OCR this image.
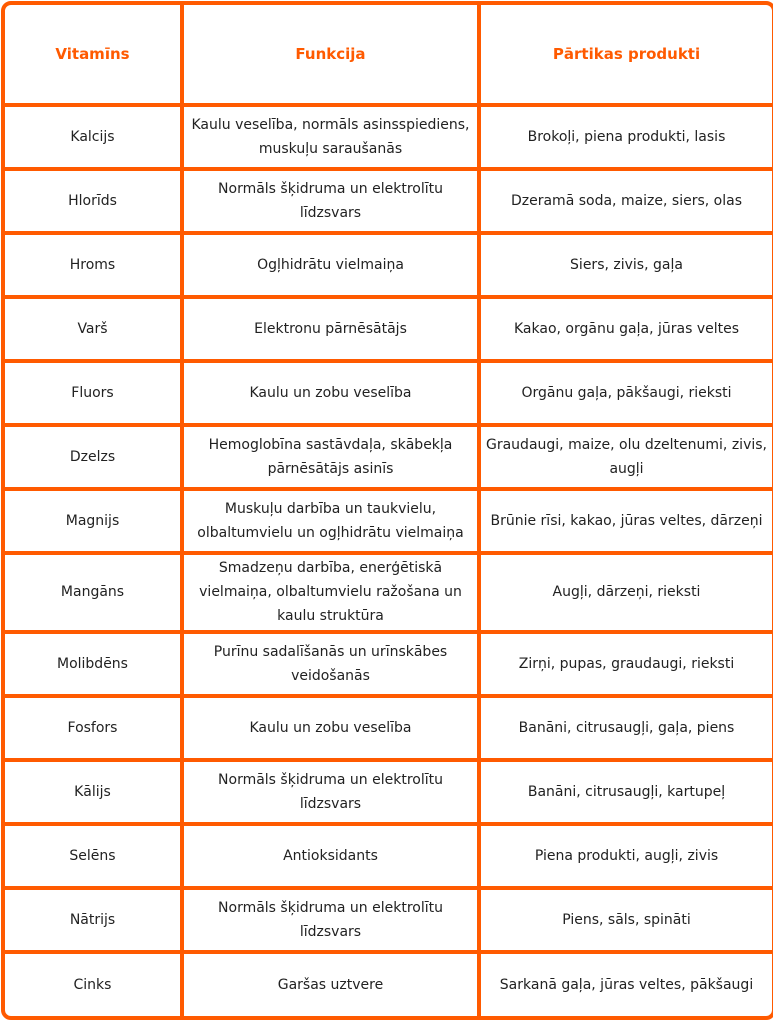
Vitamīns	Funkcija	Pārtikas produkti
Kalcijs	Kaulu veselība, normāls asinsspiediens, muskuļu saraušanās	Brokoļi, piena produkti, lasis
Hlorīds	Normāls šķidruma un elektrolītu līdzsvars	Dzeramā soda, maize, siers, olas
Hroms	Ogļhidrātu vielmaiņa	Siers, zivis, gaļa
Varš	Elektronu pārnēsātājs	Kakao, orgānu gaļa, jūras veltes
Fluors	Kaulu un zobu veselība	Orgānu gaļa, pākšaugi, rieksti
Dzelzs	Hemoglobīna sastāvdaļa, skābekļa pārnēsātājs asinīs	Graudaugi, maize, olu dzeltenumi, zivis, augļi
Magnijs	Muskuļu darbība un taukvielu, olbaltumvielu un ogļhidrātu vielmaiņa	Brūnie rīsi, kakao, jūras veltes, dārzeņi
Mangāns	Smadzeņu darbība, enerģētiskā vielmaiņa, olbaltumvielu ražošana un kaulu struktūra	Augļi, dārzeņi, rieksti
Molibdēns	Purīnu sadalīšanās un urīnskābes veidošanās	Zirņi, pupas, graudaugi, rieksti
Fosfors	Kaulu un zobu veselība	Banāni, citrusaugļi, gaļa, piens
Kālijs	Normāls šķidruma un elektrolītu līdzsvars	Banāni, citrusaugļi, kartupeļ
Selēns	Antioksidants	Piena produkti, augļi, zivis
Nātrijs	Normāls šķidruma un elektrolītu līdzsvars	Piens, sāls, spināti
Cinks	Garšas uztvere	Sarkanā gaļa, jūras veltes, pākšaugi
